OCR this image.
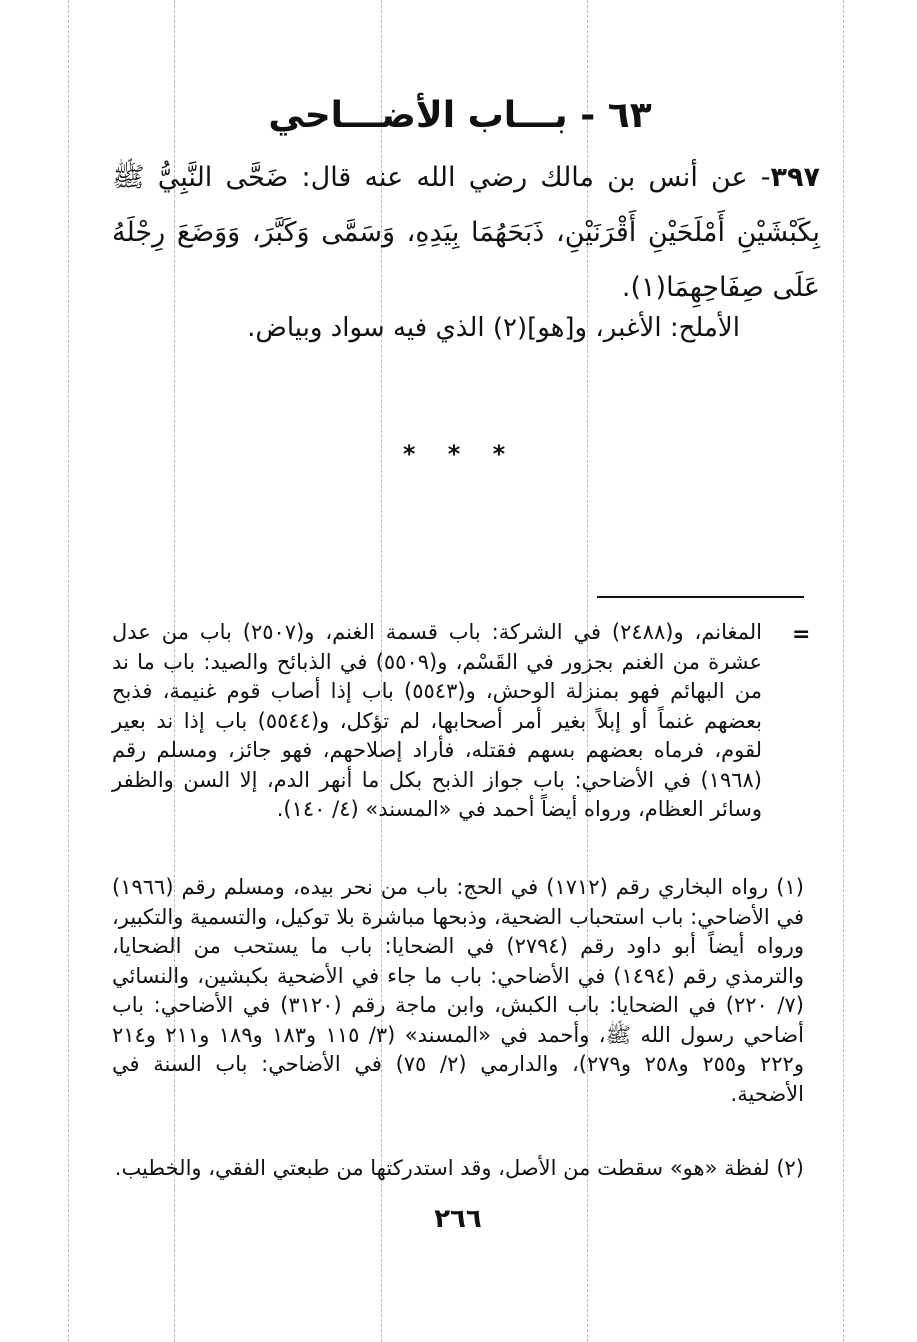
٦٣ - بـــاب الأضـــاحي
٣٩٧- عن أنس بن مالك رضي الله عنه قال: ضَحَّى النَّبِيُّ ﷺ بِكَبْشَيْنِ أَمْلَحَيْنِ أَقْرَنَيْنِ، ذَبَحَهُمَا بِيَدِهِ، وَسَمَّى وَكَبَّرَ، وَوَضَعَ رِجْلَهُ عَلَى صِفَاحِهِمَا(١).
الأملح: الأغبر، و[هو](٢) الذي فيه سواد وبياض.
* * *
=
المغانم، و(٢٤٨٨) في الشركة: باب قسمة الغنم، و(٢٥٠٧) باب من عدل عشرة من الغنم بجزور في القَسْم، و(٥٥٠٩) في الذبائح والصيد: باب ما ند من البهائم فهو بمنزلة الوحش، و(٥٥٤٣) باب إذا أصاب قوم غنيمة، فذبح بعضهم غنماً أو إبلاً بغير أمر أصحابها، لم تؤكل، و(٥٥٤٤) باب إذا ند بعير لقوم، فرماه بعضهم بسهم فقتله، فأراد إصلاحهم، فهو جائز، ومسلم رقم (١٩٦٨) في الأضاحي: باب جواز الذبح بكل ما أنهر الدم، إلا السن والظفر وسائر العظام، ورواه أيضاً أحمد في «المسند» (٤/ ١٤٠).
(١) رواه البخاري رقم (١٧١٢) في الحج: باب من نحر بيده، ومسلم رقم (١٩٦٦) في الأضاحي: باب استحباب الضحية، وذبحها مباشرة بلا توكيل، والتسمية والتكبير، ورواه أيضاً أبو داود رقم (٢٧٩٤) في الضحايا: باب ما يستحب من الضحايا، والترمذي رقم (١٤٩٤) في الأضاحي: باب ما جاء في الأضحية بكبشين، والنسائي (٧/ ٢٢٠) في الضحايا: باب الكبش، وابن ماجة رقم (٣١٢٠) في الأضاحي: باب أضاحي رسول الله ﷺ، وأحمد في «المسند» (٣/ ١١٥ و١٨٣ و١٨٩ و٢١١ و٢١٤ و٢٢٢ و٢٥٥ و٢٥٨ و٢٧٩)، والدارمي (٢/ ٧٥) في الأضاحي: باب السنة في الأضحية.
(٢) لفظة «هو» سقطت من الأصل، وقد استدركتها من طبعتي الفقي، والخطيب.
٢٦٦
